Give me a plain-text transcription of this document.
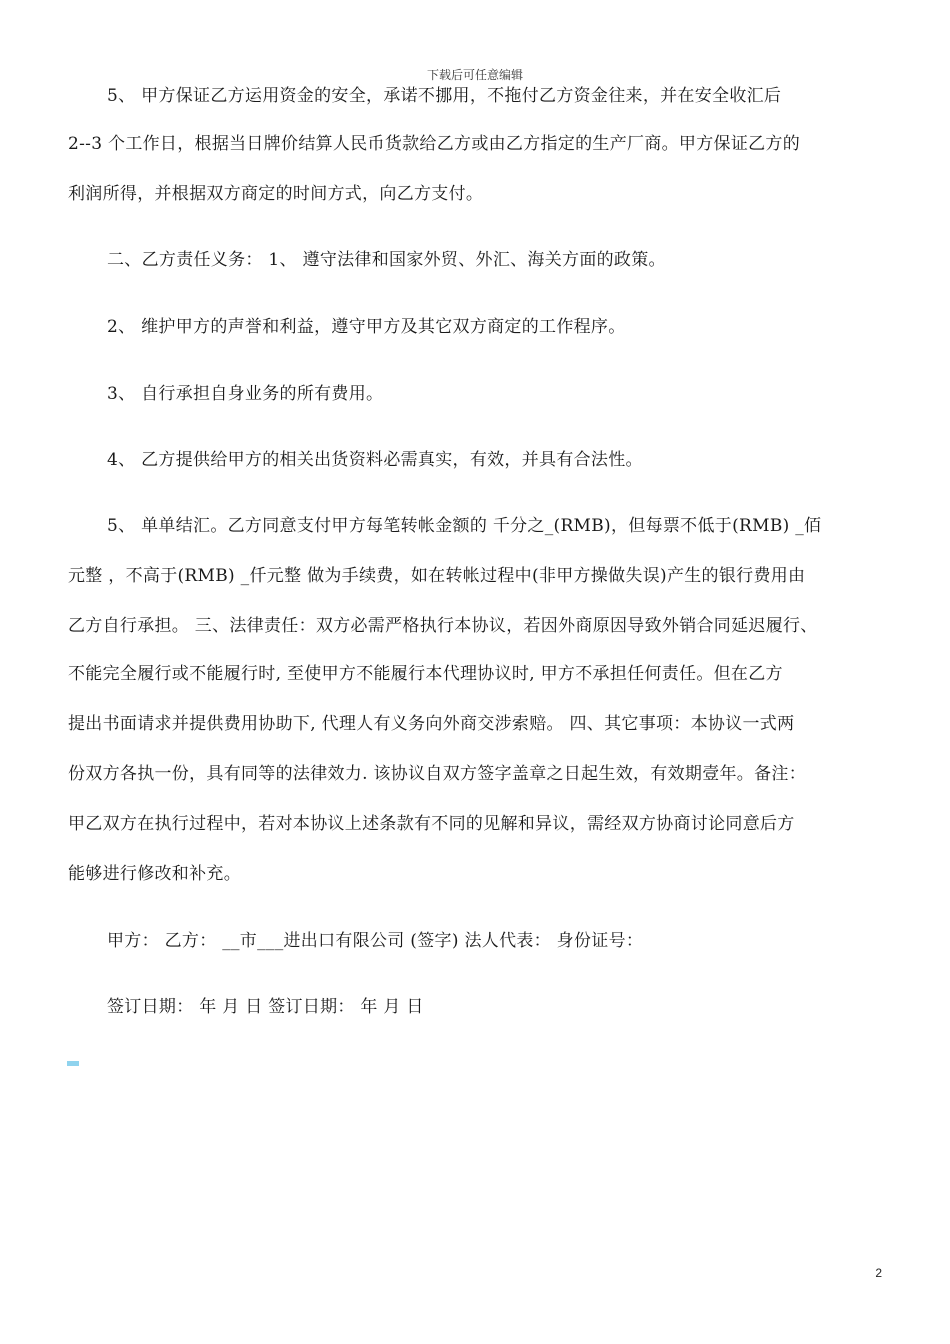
下载后可任意编辑
5、 甲方保证乙方运用资金的安全，承诺不挪用，不拖付乙方资金往来，并在安全收汇后
2--3 个工作日，根据当日牌价结算人民币货款给乙方或由乙方指定的生产厂商。甲方保证乙方的
利润所得，并根据双方商定的时间方式，向乙方支付。
二、乙方责任义务： 1、 遵守法律和国家外贸、外汇、海关方面的政策。
2、 维护甲方的声誉和利益，遵守甲方及其它双方商定的工作程序。
3、 自行承担自身业务的所有费用。
4、 乙方提供给甲方的相关出货资料必需真实，有效，并具有合法性。
5、 单单结汇。乙方同意支付甲方每笔转帐金额的 千分之_(RMB)，但每票不低于(RMB) _佰
元整 ，不高于(RMB) _仟元整 做为手续费，如在转帐过程中(非甲方操做失误)产生的银行费用由
乙方自行承担。 三、法律责任：双方必需严格执行本协议，若因外商原因导致外销合同延迟履行、
不能完全履行或不能履行时, 至使甲方不能履行本代理协议时, 甲方不承担任何责任。但在乙方
提出书面请求并提供费用协助下, 代理人有义务向外商交涉索赔。 四、其它事项：本协议一式两
份双方各执一份，具有同等的法律效力. 该协议自双方签字盖章之日起生效，有效期壹年。备注：
甲乙双方在执行过程中，若对本协议上述条款有不同的见解和异议，需经双方协商讨论同意后方
能够进行修改和补充。
甲方： 乙方： __市___进出口有限公司 (签字) 法人代表： 身份证号：
签订日期： 年 月 日 签订日期： 年 月 日
2
